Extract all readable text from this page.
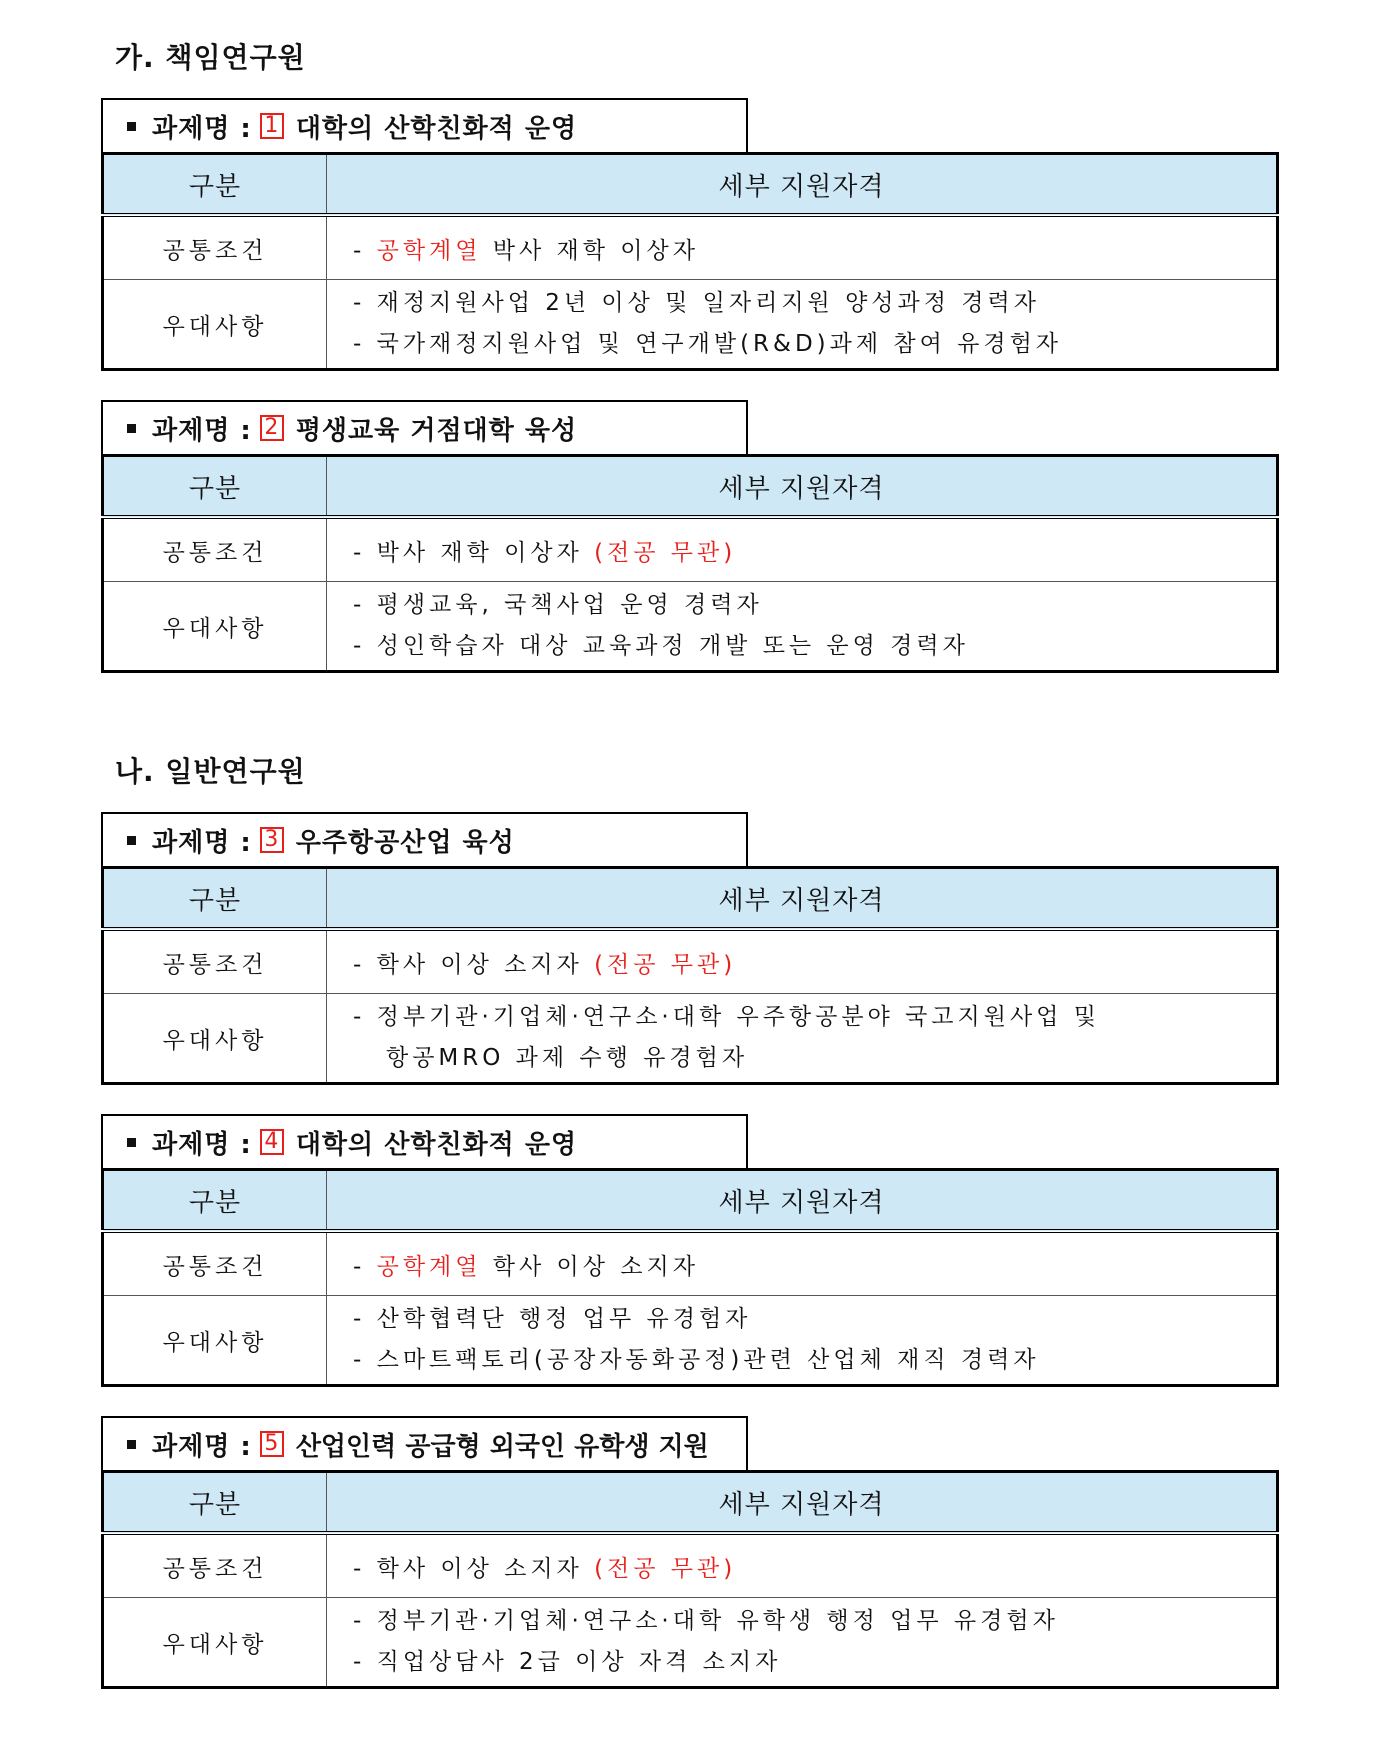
가. 책임연구원
과제명 : 1 대학의 산학친화적 운영
구분	세부 지원자격
공통조건	- 공학계열 박사 재학 이상자
우대사항	- 재정지원사업 2년 이상 및 일자리지원 양성과정 경력자
- 국가재정지원사업 및 연구개발(R&D)과제 참여 유경험자
과제명 : 2 평생교육 거점대학 육성
구분	세부 지원자격
공통조건	- 박사 재학 이상자 (전공 무관)
우대사항	- 평생교육, 국책사업 운영 경력자
- 성인학습자 대상 교육과정 개발 또는 운영 경력자
나. 일반연구원
과제명 : 3 우주항공산업 육성
구분	세부 지원자격
공통조건	- 학사 이상 소지자 (전공 무관)
우대사항	- 정부기관·기업체·연구소·대학 우주항공분야 국고지원사업 및
항공MRO 과제 수행 유경험자
과제명 : 4 대학의 산학친화적 운영
구분	세부 지원자격
공통조건	- 공학계열 학사 이상 소지자
우대사항	- 산학협력단 행정 업무 유경험자
- 스마트팩토리(공장자동화공정)관련 산업체 재직 경력자
과제명 : 5 산업인력 공급형 외국인 유학생 지원
구분	세부 지원자격
공통조건	- 학사 이상 소지자 (전공 무관)
우대사항	- 정부기관·기업체·연구소·대학 유학생 행정 업무 유경험자
- 직업상담사 2급 이상 자격 소지자
